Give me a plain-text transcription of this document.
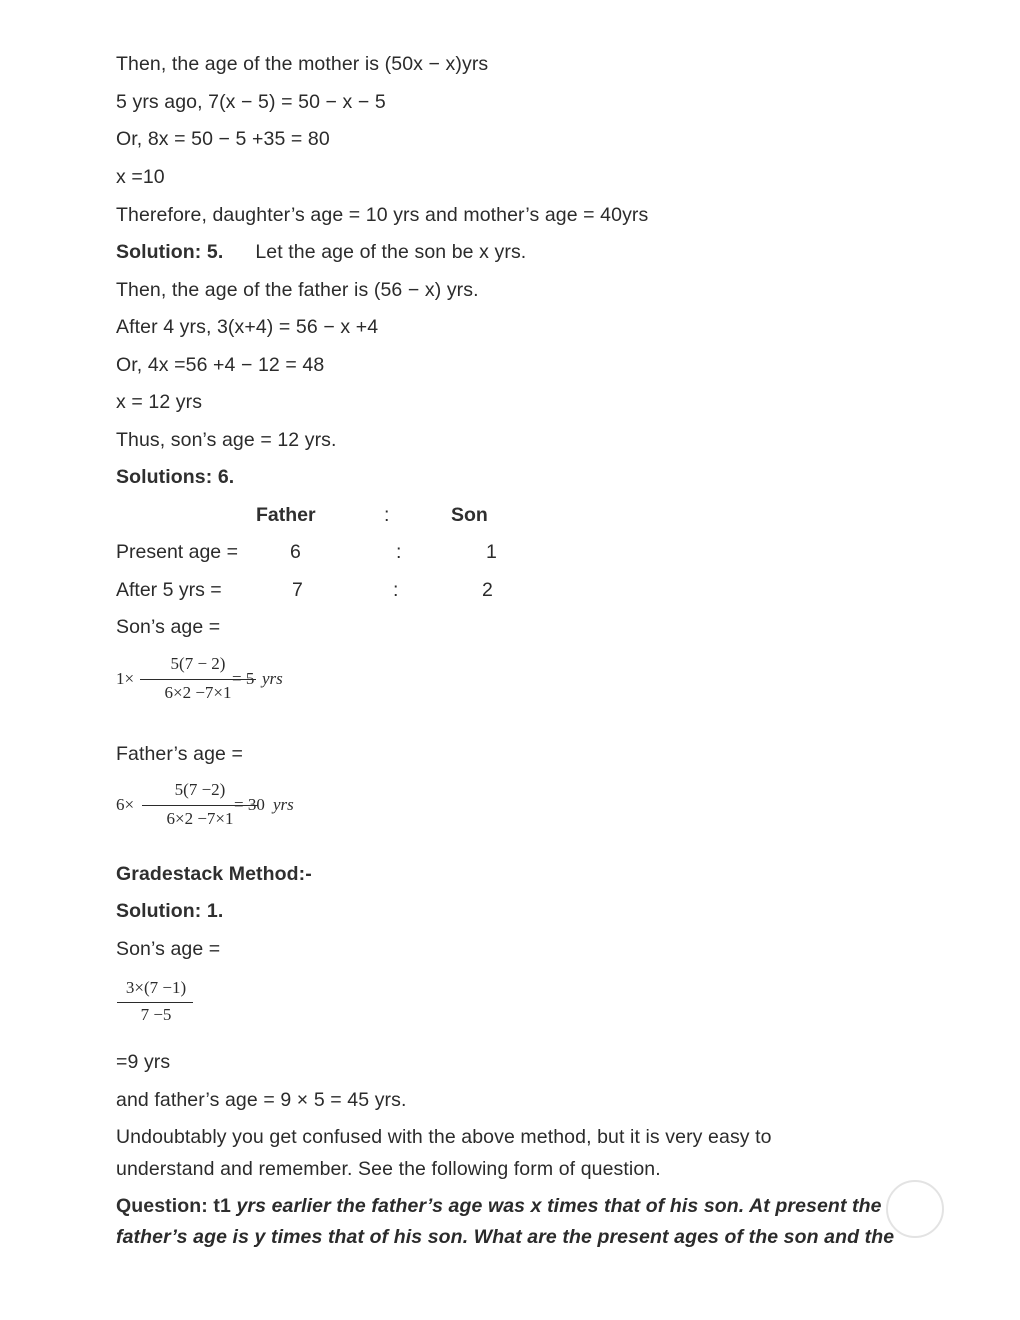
Then, the age of the mother is (50x − x)yrs
5 yrs ago, 7(x − 5) = 50 − x − 5
Or, 8x = 50 − 5 +35 = 80
x =10
Therefore, daughter’s age = 10 yrs and mother’s age = 40yrs
Solution: 5. Let the age of the son be x yrs.
Then, the age of the father is (56 − x) yrs.
After 4 yrs, 3(x+4) = 56 − x +4
Or, 4x =56 +4 − 12 = 48
x = 12 yrs
Thus, son’s age = 12 yrs.
Solutions: 6.
Father	:	Son
Present age =	6	:	1
After 5 yrs =	7	:	2
Son’s age =
1×
5(7 − 2)
6×2 −7×1
= 5 yrs
Father’s age =
6×
5(7 −2)
6×2 −7×1
= 30 yrs
Gradestack Method:-
Solution: 1.
Son’s age =
3×(7 −1)
7 −5
=9 yrs
and father’s age = 9 × 5 = 45 yrs.
Undoubtably you get confused with the above method, but it is very easy to
understand and remember. See the following form of question.
Question: t1 yrs earlier the father’s age was x times that of his son. At present the
father’s age is y times that of his son. What are the present ages of the son and the
